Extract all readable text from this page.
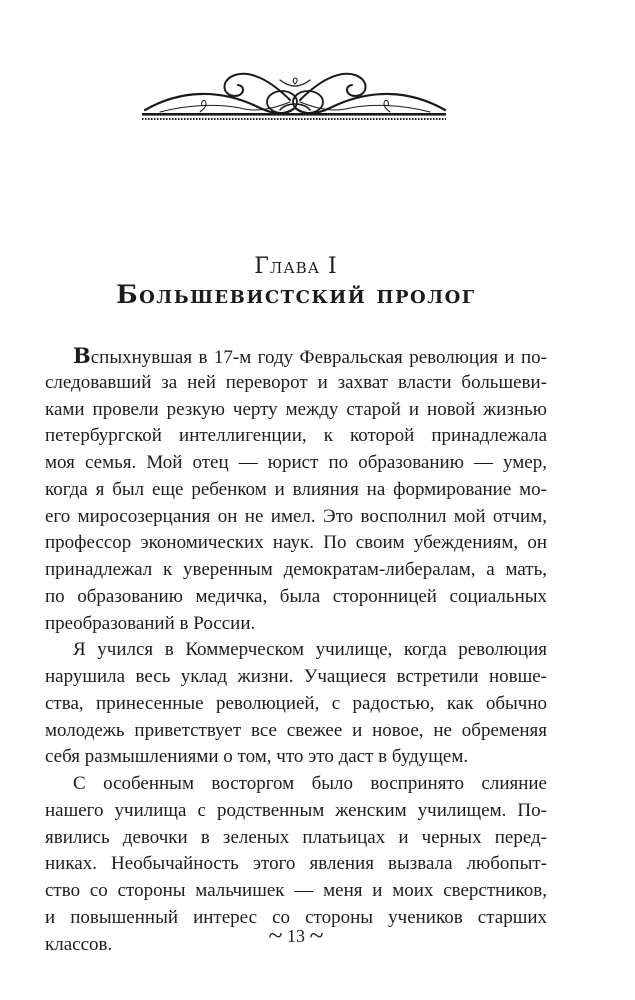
Глава I
Большевистский пролог
Вспыхнувшая в 17-м году Февральская революция и по-
следовавший за ней переворот и захват власти большеви-
ками провели резкую черту между старой и новой жизнью
петербургской интеллигенции, к которой принадлежала
моя семья. Мой отец — юрист по образованию — умер,
когда я был еще ребенком и влияния на формирование мо-
его миросозерцания он не имел. Это восполнил мой отчим,
профессор экономических наук. По своим убеждениям, он
принадлежал к уверенным демократам-либералам, а мать,
по образованию медичка, была сторонницей социальных
преобразований в России.
Я учился в Коммерческом училище, когда революция
нарушила весь уклад жизни. Учащиеся встретили новше-
ства, принесенные революцией, с радостью, как обычно
молодежь приветствует все свежее и новое, не обременяя
себя размышлениями о том, что это даст в будущем.
С особенным восторгом было воспринято слияние
нашего училища с родственным женским училищем. По-
явились девочки в зеленых платьицах и черных перед-
никах. Необычайность этого явления вызвала любопыт-
ство со стороны мальчишек — меня и моих сверстников,
и повышенный интерес со стороны учеников старших
классов.	~ 13 ~
